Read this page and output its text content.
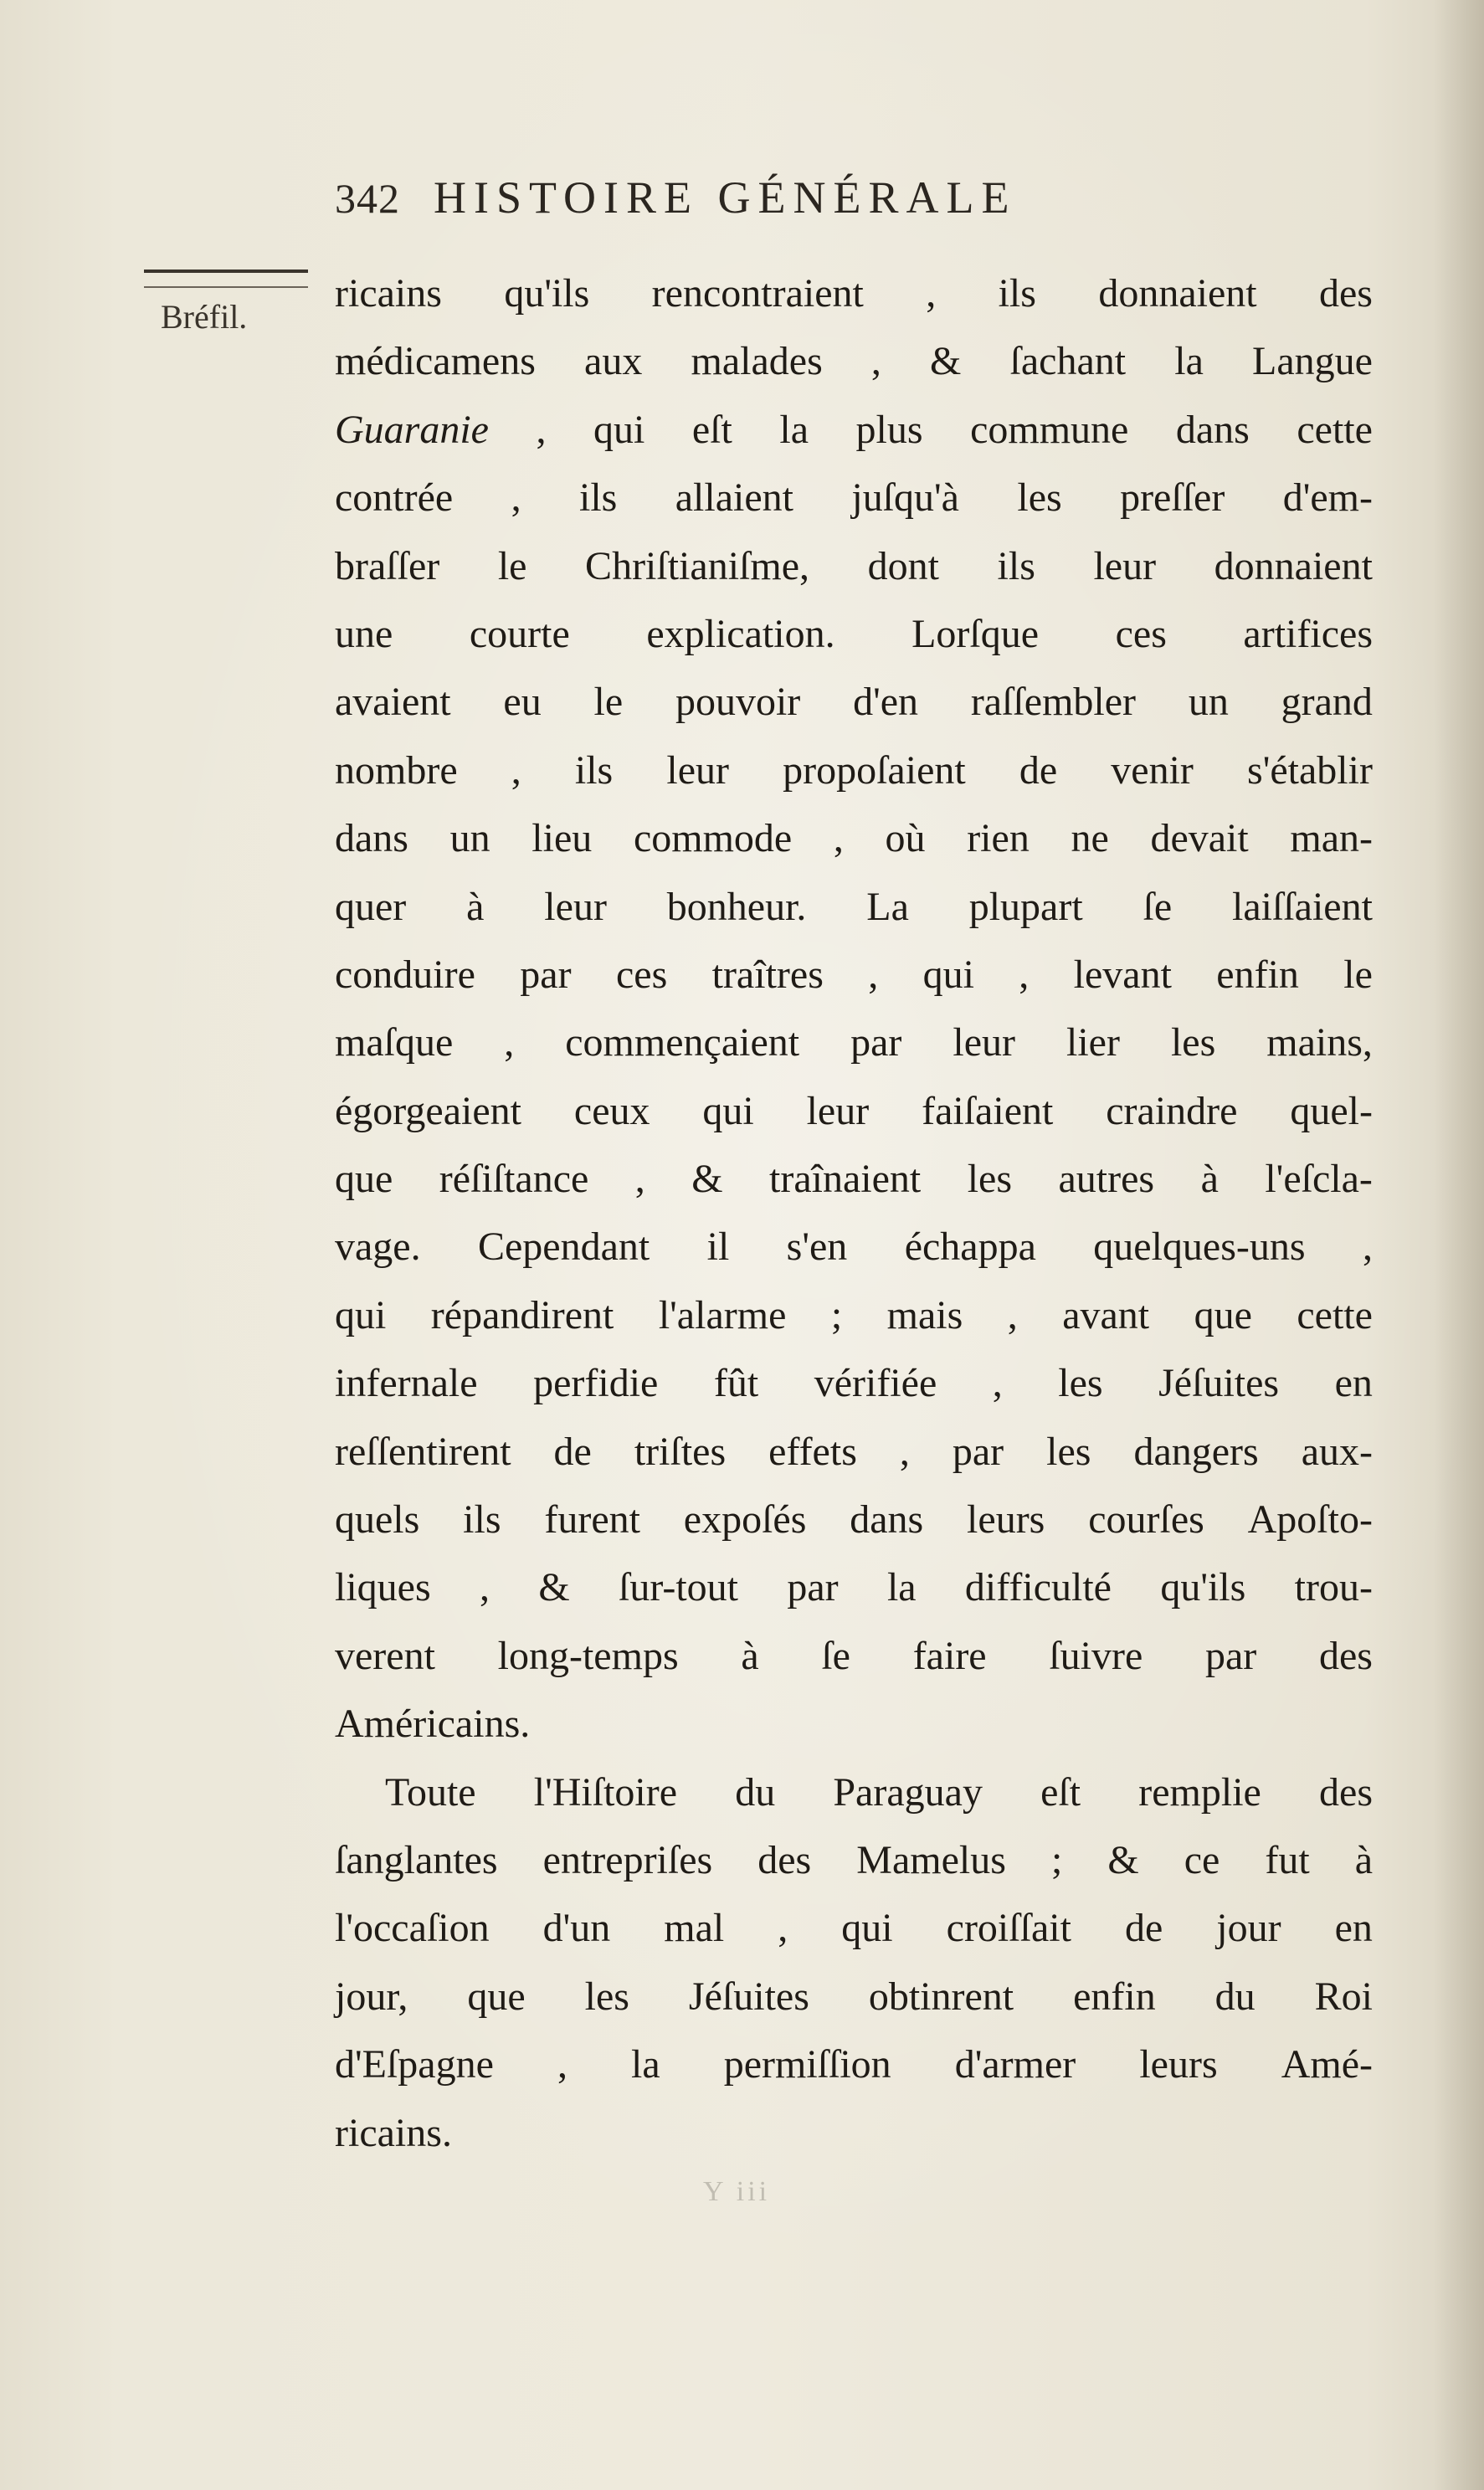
342 HISTOIRE GÉNÉRALE
Bréfil.
ricains qu'ils rencontraient , ils donnaient des
médicamens aux malades , & ſachant la Langue
Guaranie , qui eſt la plus commune dans cette
contrée , ils allaient juſqu'à les preſſer d'em-
braſſer le Chriſtianiſme, dont ils leur donnaient
une courte explication. Lorſque ces artifices
avaient eu le pouvoir d'en raſſembler un grand
nombre , ils leur propoſaient de venir s'établir
dans un lieu commode , où rien ne devait man-
quer à leur bonheur. La plupart ſe laiſſaient
conduire par ces traîtres , qui , levant enfin le
maſque , commençaient par leur lier les mains,
égorgeaient ceux qui leur faiſaient craindre quel-
que réſiſtance , & traînaient les autres à l'eſcla-
vage. Cependant il s'en échappa quelques-uns ,
qui répandirent l'alarme ; mais , avant que cette
infernale perfidie fût vérifiée , les Jéſuites en
reſſentirent de triſtes effets , par les dangers aux-
quels ils furent expoſés dans leurs courſes Apoſto-
liques , & ſur-tout par la difficulté qu'ils trou-
verent long-temps à ſe faire ſuivre par des
Américains.
Toute l'Hiſtoire du Paraguay eſt remplie des
ſanglantes entrepriſes des Mamelus ; & ce fut à
l'occaſion d'un mal , qui croiſſait de jour en
jour, que les Jéſuites obtinrent enfin du Roi
d'Eſpagne , la permiſſion d'armer leurs Amé-
ricains.
Y iii
